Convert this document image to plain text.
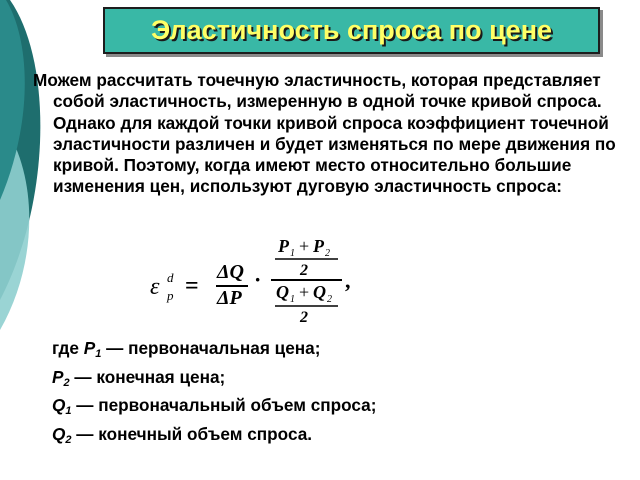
Эластичность спроса по цене

Можем рассчитать точечную эластичность, которая представляет собой эластичность, измеренную в одной точке кривой спроса. Однако для каждой точки кривой спроса коэффициент точечной эластичности различен и будет изменяться по мере движения по кривой. Поэтому, когда имеют место относительно большие изменения цен, используют дуговую эластичность спроса:

ε d
p =
ΔQ
ΔP
·
P 1 + P 2
2
Q 1 + Q 2
2
,
где $P_1$ — первоначальная цена;
$P_2$ — конечная цена;
$Q_1$ — первоначальный объем спроса;
$Q_2$ — конечный объем спроса.
